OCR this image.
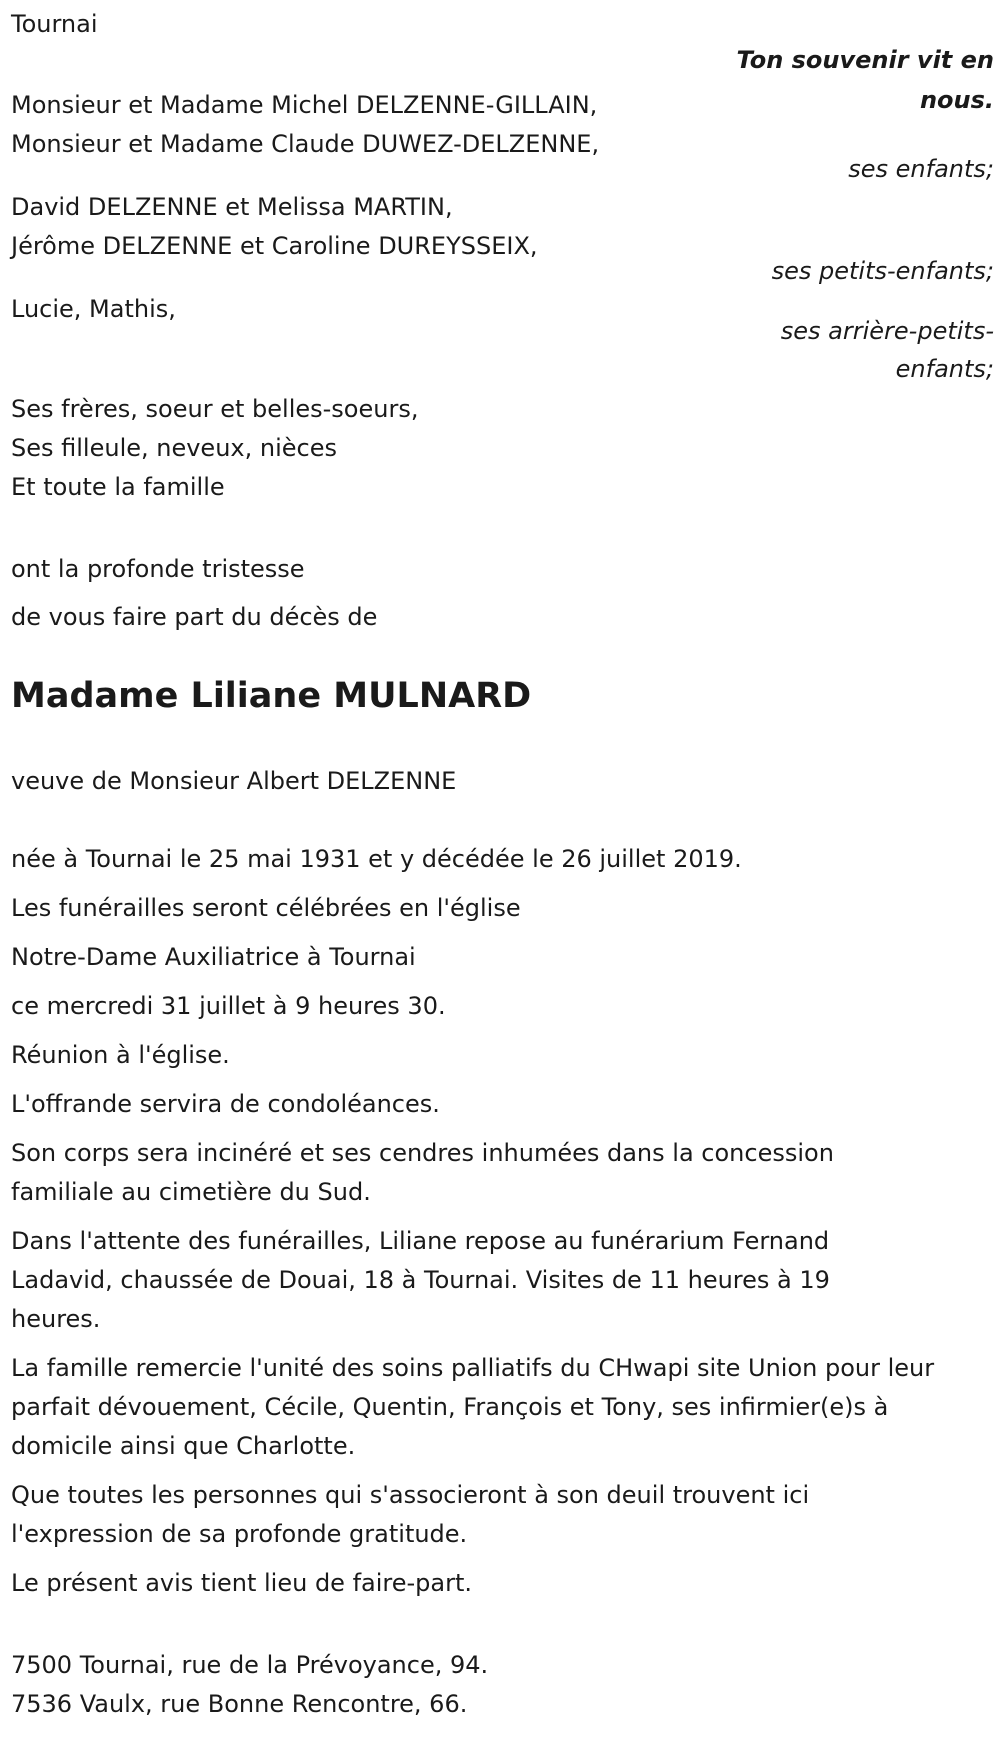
Ton souvenir vit en nous.

ses enfants;
ses petits-enfants;
ses arrière-petits-enfants;
Tournai
Monsieur et Madame Michel DELZENNE-GILLAIN,
Monsieur et Madame Claude DUWEZ-DELZENNE,
David DELZENNE et Melissa MARTIN,
Jérôme DELZENNE et Caroline DUREYSSEIX,
Lucie, Mathis,
Ses frères, soeur et belles-soeurs,
Ses filleule, neveux, nièces
Et toute la famille
ont la profonde tristesse
de vous faire part du décès de
Madame Liliane MULNARD
veuve de Monsieur Albert DELZENNE
née à Tournai le 25 mai 1931 et y décédée le 26 juillet 2019.
Les funérailles seront célébrées en l'église
Notre-Dame Auxiliatrice à Tournai
ce mercredi 31 juillet à 9 heures 30.
Réunion à l'église.
L'offrande servira de condoléances.
Son corps sera incinéré et ses cendres inhumées dans la concession familiale au cimetière du Sud.
Dans l'attente des funérailles, Liliane repose au funérarium Fernand Ladavid, chaussée de Douai, 18 à Tournai. Visites de 11 heures à 19 heures.
La famille remercie l'unité des soins palliatifs du CHwapi site Union pour leur parfait dévouement, Cécile, Quentin, François et Tony, ses infirmier(e)s à domicile ainsi que Charlotte.
Que toutes les personnes qui s'associeront à son deuil trouvent ici l'expression de sa profonde gratitude.
Le présent avis tient lieu de faire-part.
7500 Tournai, rue de la Prévoyance, 94.
7536 Vaulx, rue Bonne Rencontre, 66.
